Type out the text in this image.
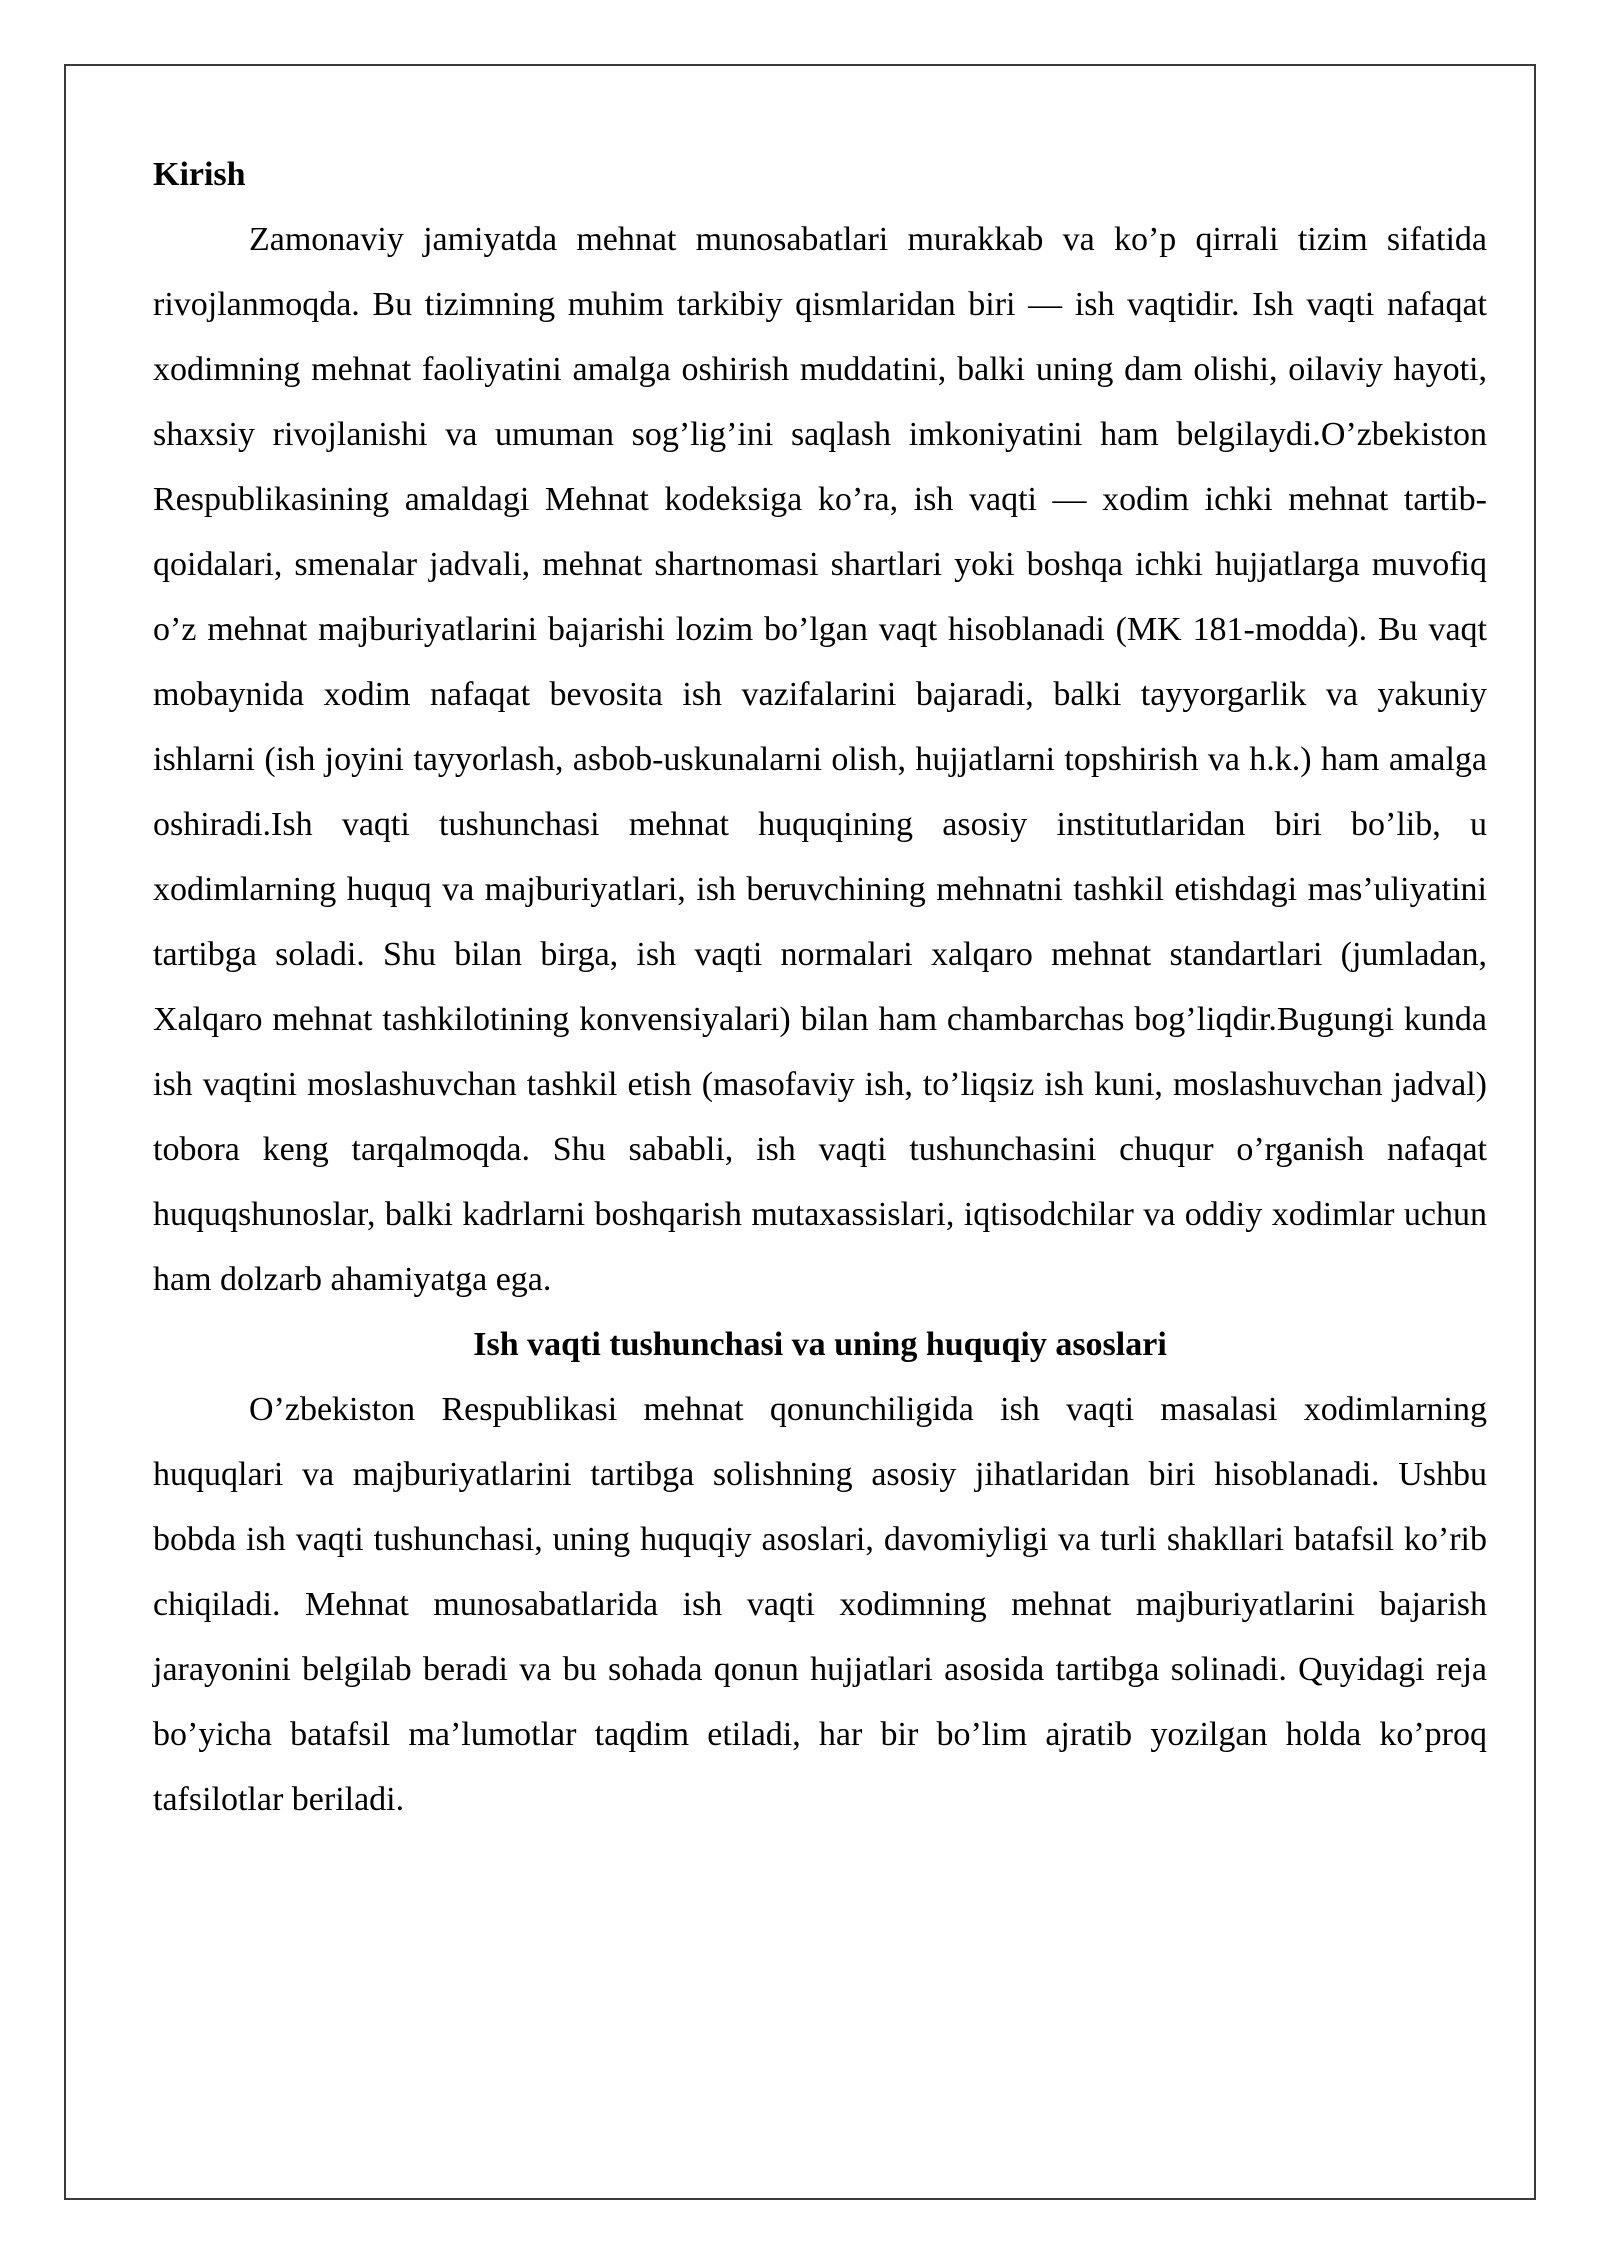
Kirish

Zamonaviy jamiyatda mehnat munosabatlari murakkab va ko’p qirrali tizim sifatida rivojlanmoqda. Bu tizimning muhim tarkibiy qismlaridan biri — ish vaqtidir. Ish vaqti nafaqat xodimning mehnat faoliyatini amalga oshirish muddatini, balki uning dam olishi, oilaviy hayoti, shaxsiy rivojlanishi va umuman sog’lig’ini saqlash imkoniyatini ham belgilaydi.O’zbekiston Respublikasining amaldagi Mehnat kodeksiga ko’ra, ish vaqti — xodim ichki mehnat tartib-qoidalari, smenalar jadvali, mehnat shartnomasi shartlari yoki boshqa ichki hujjatlarga muvofiq o’z mehnat majburiyatlarini bajarishi lozim bo’lgan vaqt hisoblanadi (MK 181-modda). Bu vaqt mobaynida xodim nafaqat bevosita ish vazifalarini bajaradi, balki tayyorgarlik va yakuniy ishlarni (ish joyini tayyorlash, asbob-uskunalarni olish, hujjatlarni topshirish va h.k.) ham amalga oshiradi.Ish vaqti tushunchasi mehnat huquqining asosiy institutlaridan biri bo’lib, u xodimlarning huquq va majburiyatlari, ish beruvchining mehnatni tashkil etishdagi mas’uliyatini tartibga soladi. Shu bilan birga, ish vaqti normalari xalqaro mehnat standartlari (jumladan, Xalqaro mehnat tashkilotining konvensiyalari) bilan ham chambarchas bog’liqdir.Bugungi kunda ish vaqtini moslashuvchan tashkil etish (masofaviy ish, to’liqsiz ish kuni, moslashuvchan jadval) tobora keng tarqalmoqda. Shu sababli, ish vaqti tushunchasini chuqur o’rganish nafaqat huquqshunoslar, balki kadrlarni boshqarish mutaxassislari, iqtisodchilar va oddiy xodimlar uchun ham dolzarb ahamiyatga ega.

Ish vaqti tushunchasi va uning huquqiy asoslari

O’zbekiston Respublikasi mehnat qonunchiligida ish vaqti masalasi xodimlarning huquqlari va majburiyatlarini tartibga solishning asosiy jihatlaridan biri hisoblanadi. Ushbu bobda ish vaqti tushunchasi, uning huquqiy asoslari, davomiyligi va turli shakllari batafsil ko’rib chiqiladi. Mehnat munosabatlarida ish vaqti xodimning mehnat majburiyatlarini bajarish jarayonini belgilab beradi va bu sohada qonun hujjatlari asosida tartibga solinadi. Quyidagi reja bo’yicha batafsil ma’lumotlar taqdim etiladi, har bir bo’lim ajratib yozilgan holda ko’proq tafsilotlar beriladi.
